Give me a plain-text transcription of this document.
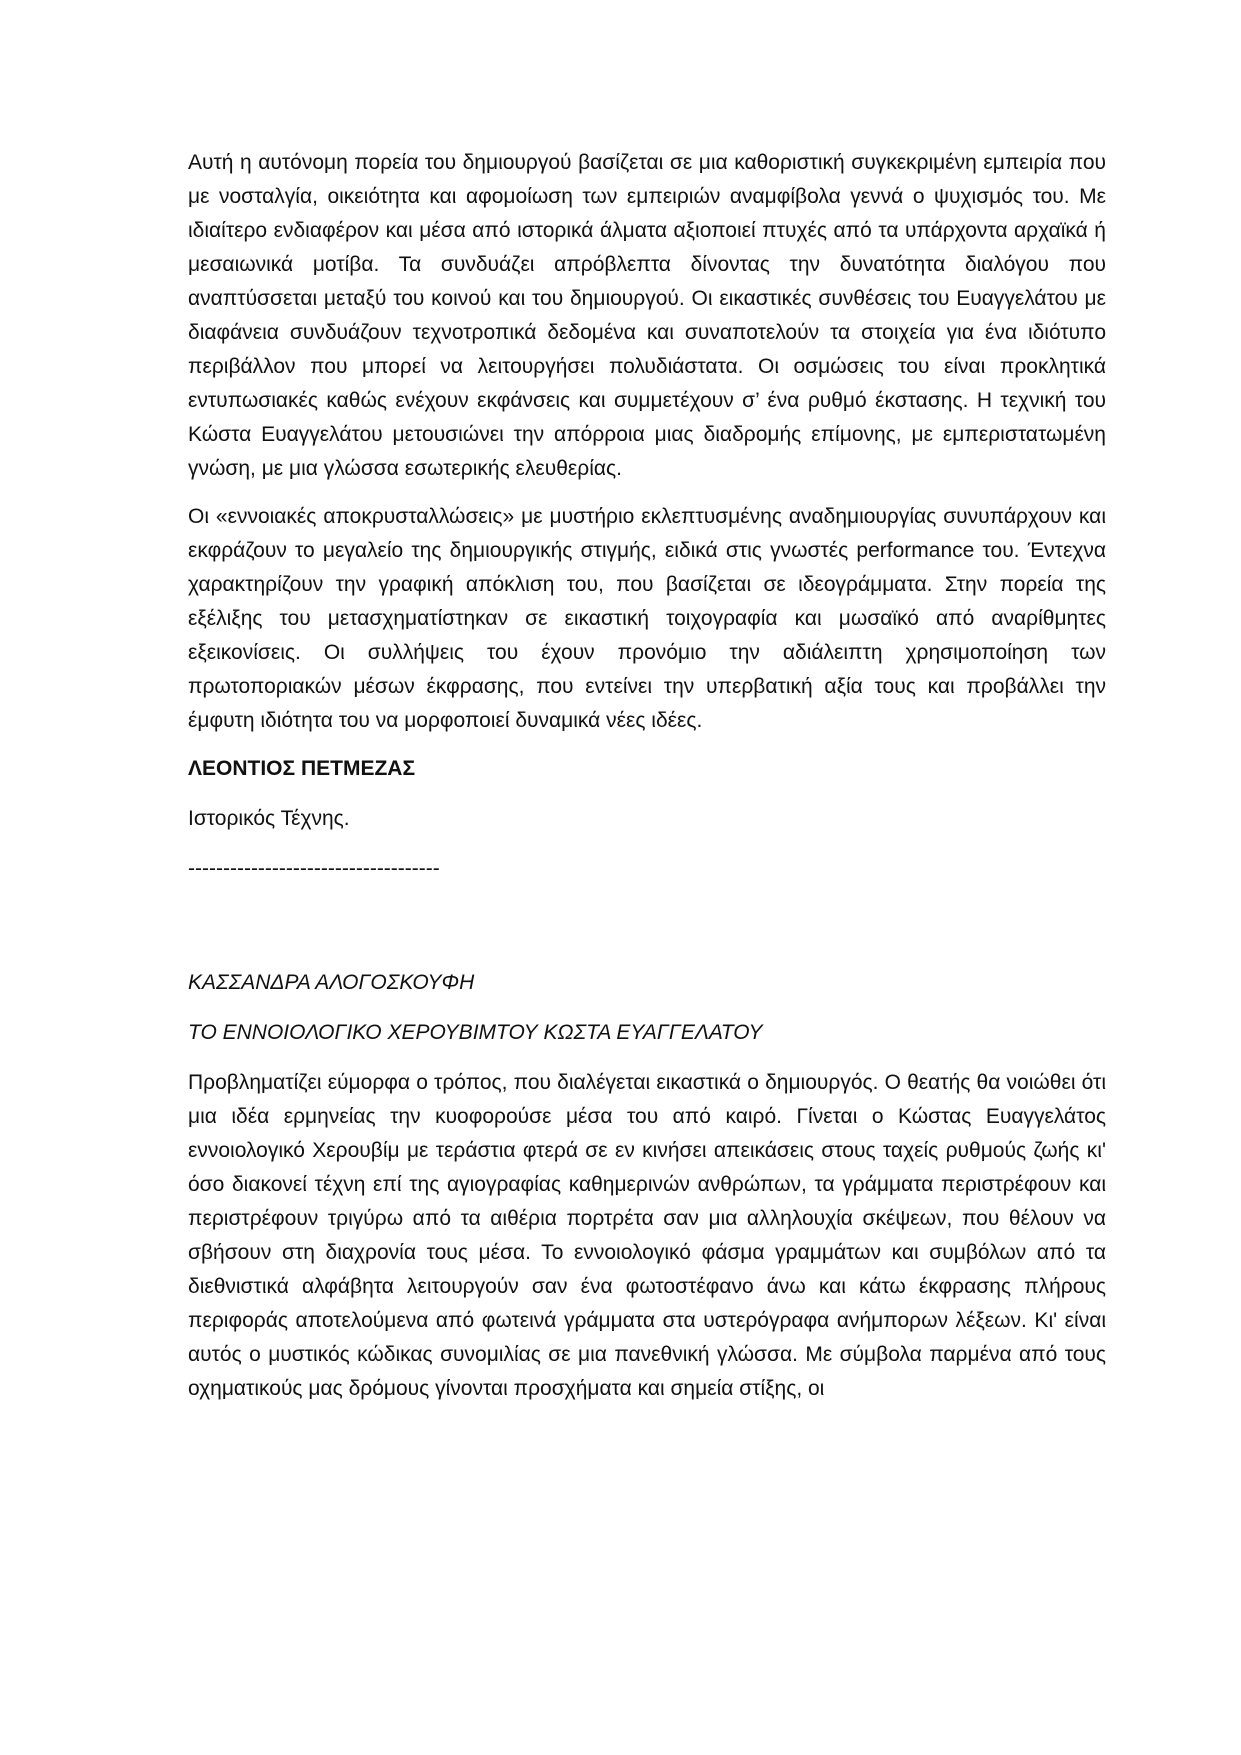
Αυτή η αυτόνομη πορεία του δημιουργού βασίζεται σε μια καθοριστική συγκεκριμένη εμπειρία που με νοσταλγία, οικειότητα και αφομοίωση των εμπειριών αναμφίβολα γεννά ο ψυχισμός του. Με ιδιαίτερο ενδιαφέρον και μέσα από ιστορικά άλματα αξιοποιεί πτυχές από τα υπάρχοντα αρχαϊκά ή μεσαιωνικά μοτίβα. Τα συνδυάζει απρόβλεπτα δίνοντας την δυνατότητα διαλόγου που αναπτύσσεται μεταξύ του κοινού και του δημιουργού. Οι εικαστικές συνθέσεις του Ευαγγελάτου με διαφάνεια συνδυάζουν τεχνοτροπικά δεδομένα και συναποτελούν τα στοιχεία για ένα ιδιότυπο περιβάλλον που μπορεί να λειτουργήσει πολυδιάστατα. Οι οσμώσεις του είναι προκλητικά εντυπωσιακές καθώς ενέχουν εκφάνσεις και συμμετέχουν σ’ ένα ρυθμό έκστασης. Η τεχνική του Κώστα Ευαγγελάτου μετουσιώνει την απόρροια μιας διαδρομής επίμονης, με εμπεριστατωμένη γνώση, με μια γλώσσα εσωτερικής ελευθερίας.

Οι «εννοιακές αποκρυσταλλώσεις» με μυστήριο εκλεπτυσμένης αναδημιουργίας συνυπάρχουν και εκφράζουν το μεγαλείο της δημιουργικής στιγμής, ειδικά στις γνωστές performance του. Έντεχνα χαρακτηρίζουν την γραφική απόκλιση του, που βασίζεται σε ιδεογράμματα. Στην πορεία της εξέλιξης του μετασχηματίστηκαν σε εικαστική τοιχογραφία και μωσαϊκό από αναρίθμητες εξεικονίσεις. Οι συλλήψεις του έχουν προνόμιο την αδιάλειπτη χρησιμοποίηση των πρωτοποριακών μέσων έκφρασης, που εντείνει την υπερβατική αξία τους και προβάλλει την έμφυτη ιδιότητα του να μορφοποιεί δυναμικά νέες ιδέες.

ΛΕΟΝΤΙΟΣ ΠΕΤΜΕΖΑΣ

Ιστορικός Τέχνης.

------------------------------------

ΚΑΣΣΑΝΔΡΑ ΑΛΟΓΟΣΚΟΥΦΗ

ΤΟ ΕΝΝΟΙΟΛΟΓΙΚΟ ΧΕΡΟΥΒΙΜΤΟΥ ΚΩΣΤΑ ΕΥΑΓΓΕΛΑΤΟΥ

Προβληματίζει εύμορφα ο τρόπος, που διαλέγεται εικαστικά ο δημιουργός. Ο θεατής θα νοιώθει ότι μια ιδέα ερμηνείας την κυοφορούσε μέσα του από καιρό. Γίνεται ο Κώστας Ευαγγελάτος εννοιολογικό Χερουβίμ με τεράστια φτερά σε εν κινήσει απεικάσεις στους ταχείς ρυθμούς ζωής κι' όσο διακονεί τέχνη επί της αγιογραφίας καθημερινών ανθρώπων, τα γράμματα περιστρέφουν και περιστρέφουν τριγύρω από τα αιθέρια πορτρέτα σαν μια αλληλουχία σκέψεων, που θέλουν να σβήσουν στη διαχρονία τους μέσα. Το εννοιολογικό φάσμα γραμμάτων και συμβόλων από τα διεθνιστικά αλφάβητα λειτουργούν σαν ένα φωτοστέφανο άνω και κάτω έκφρασης πλήρους περιφοράς αποτελούμενα από φωτεινά γράμματα στα υστερόγραφα ανήμπορων λέξεων. Κι' είναι αυτός ο μυστικός κώδικας συνομιλίας σε μια πανεθνική γλώσσα. Με σύμβολα παρμένα από τους οχηματικούς μας δρόμους γίνονται προσχήματα και σημεία στίξης, οι
